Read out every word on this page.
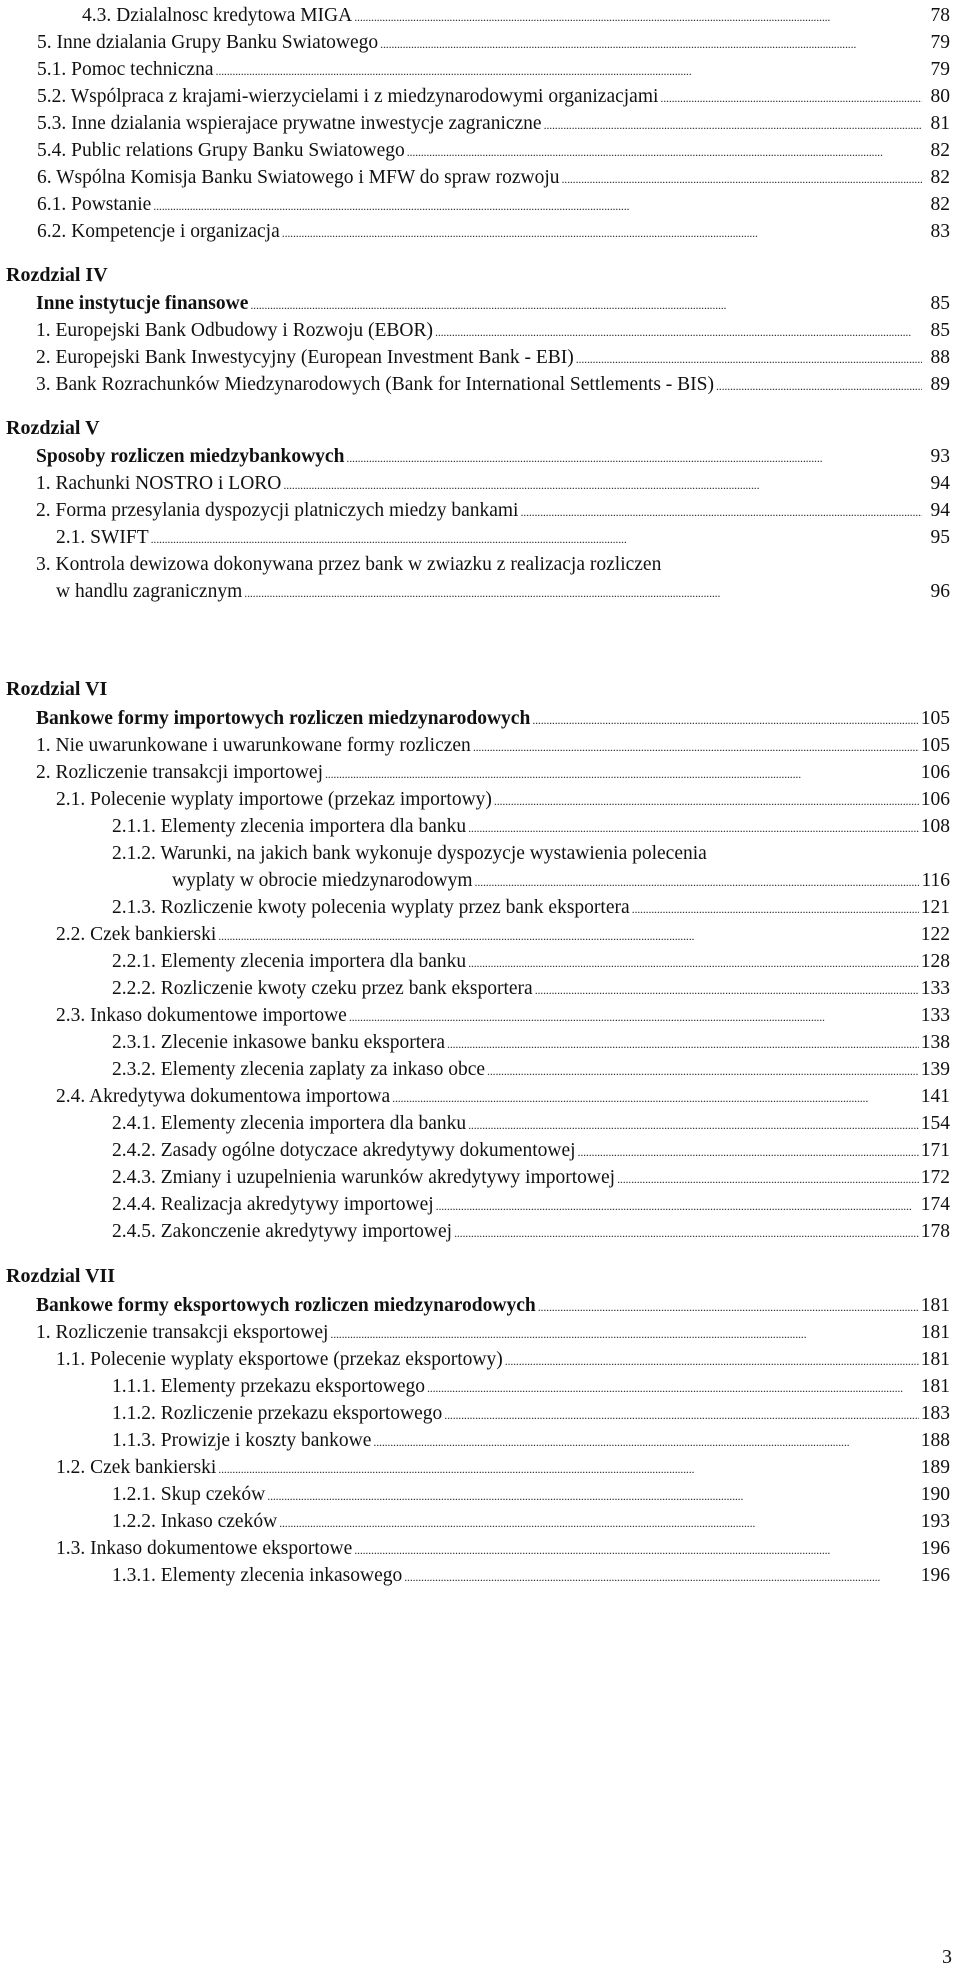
4.3. Dzialalnosc kredytowa MIGA . . .	78
5. Inne dzialania Grupy Banku Swiatowego . . .	79
5.1. Pomoc techniczna . . .	79
5.2. Wspólpraca z krajami-wierzycielami i z miedzynarodowymi organizacjami . . .	80
5.3. Inne dzialania wspierajace prywatne inwestycje zagraniczne . . .	81
5.4. Public relations Grupy Banku Swiatowego . . .	82
6. Wspólna Komisja Banku Swiatowego i MFW do spraw rozwoju . . .	82
6.1. Powstanie . . .	82
6.2. Kompetencje i organizacja . . .	83
Rozdzial IV
Inne instytucje finansowe . . .	85
1. Europejski Bank Odbudowy i Rozwoju (EBOR) . . .	85
2. Europejski Bank Inwestycyjny (European Investment Bank - EBI) . . .	88
3. Bank Rozrachunków Miedzynarodowych (Bank for International Settlements - BIS) . . .	89
Rozdzial V
Sposoby rozliczen miedzybankowych . . .	93
1. Rachunki NOSTRO i LORO . . .	94
2. Forma przesylania dyspozycji platniczych miedzy bankami . . .	94
2.1. SWIFT . . .	95
3. Kontrola dewizowa dokonywana przez bank w zwiazku z realizacja rozliczen
w handlu zagranicznym . . .	96
Rozdzial VI
Bankowe formy importowych rozliczen miedzynarodowych . . .	105
1. Nie uwarunkowane i uwarunkowane formy rozliczen . . .	105
2. Rozliczenie transakcji importowej . . .	106
2.1. Polecenie wyplaty importowe (przekaz importowy) . . .	106
2.1.1. Elementy zlecenia importera dla banku . . .	108
2.1.2. Warunki, na jakich bank wykonuje dyspozycje wystawienia polecenia
wyplaty w obrocie miedzynarodowym . . .	116
2.1.3. Rozliczenie kwoty polecenia wyplaty przez bank eksportera . . .	121
2.2. Czek bankierski . . .	122
2.2.1. Elementy zlecenia importera dla banku . . .	128
2.2.2. Rozliczenie kwoty czeku przez bank eksportera . . .	133
2.3. Inkaso dokumentowe importowe . . .	133
2.3.1. Zlecenie inkasowe banku eksportera . . .	138
2.3.2. Elementy zlecenia zaplaty za inkaso obce . . .	139
2.4. Akredytywa dokumentowa importowa . . .	141
2.4.1. Elementy zlecenia importera dla banku . . .	154
2.4.2. Zasady ogólne dotyczace akredytywy dokumentowej . . .	171
2.4.3. Zmiany i uzupelnienia warunków akredytywy importowej . . .	172
2.4.4. Realizacja akredytywy importowej . . .	174
2.4.5. Zakonczenie akredytywy importowej . . .	178
Rozdzial VII
Bankowe formy eksportowych rozliczen miedzynarodowych . . .	181
1. Rozliczenie transakcji eksportowej . . .	181
1.1. Polecenie wyplaty eksportowe (przekaz eksportowy) . . .	181
1.1.1. Elementy przekazu eksportowego . . .	181
1.1.2. Rozliczenie przekazu eksportowego . . .	183
1.1.3. Prowizje i koszty bankowe . . .	188
1.2. Czek bankierski . . .	189
1.2.1. Skup czeków . . .	190
1.2.2. Inkaso czeków . . .	193
1.3. Inkaso dokumentowe eksportowe . . .	196
1.3.1. Elementy zlecenia inkasowego . . .	196
3
